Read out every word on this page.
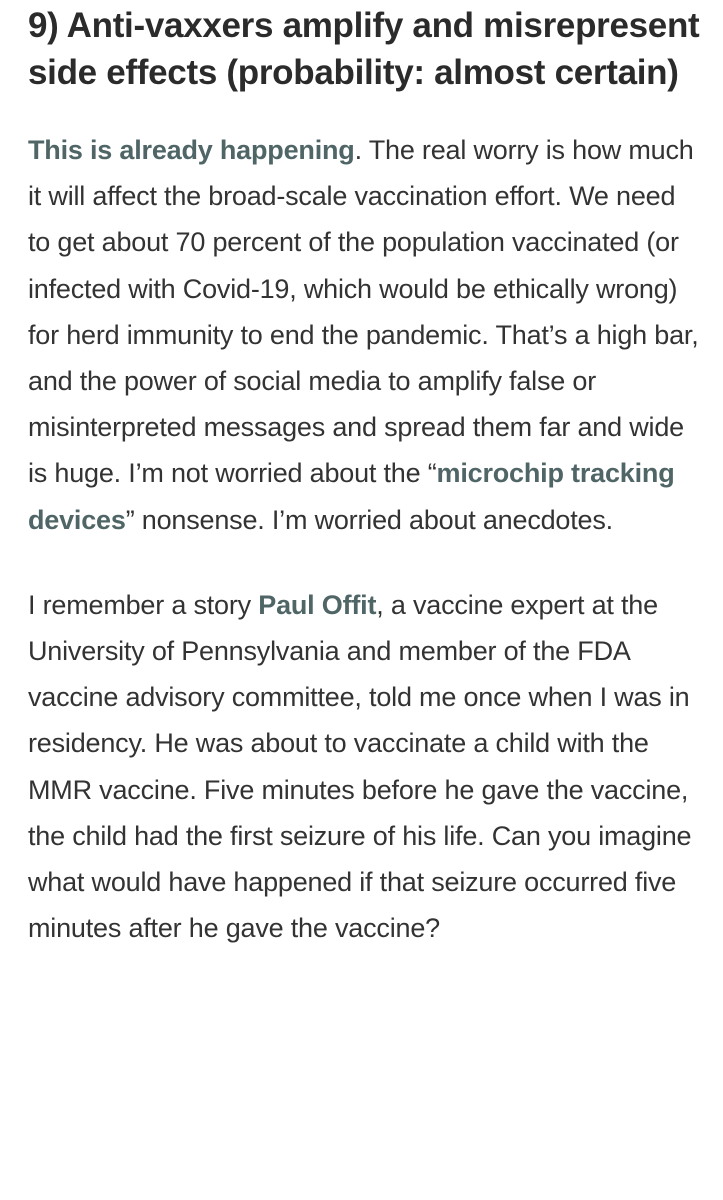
9) Anti-vaxxers amplify and misrepresent side effects (probability: almost certain)

This is already happening. The real worry is how much it will affect the broad-scale vaccination effort. We need to get about 70 percent of the population vaccinated (or infected with Covid-19, which would be ethically wrong) for herd immunity to end the pandemic. That’s a high bar, and the power of social media to amplify false or misinterpreted messages and spread them far and wide is huge. I’m not worried about the “microchip tracking devices” nonsense. I’m worried about anecdotes.

I remember a story Paul Offit, a vaccine expert at the University of Pennsylvania and member of the FDA vaccine advisory committee, told me once when I was in residency. He was about to vaccinate a child with the MMR vaccine. Five minutes before he gave the vaccine, the child had the first seizure of his life. Can you imagine what would have happened if that seizure occurred five minutes after he gave the vaccine?
